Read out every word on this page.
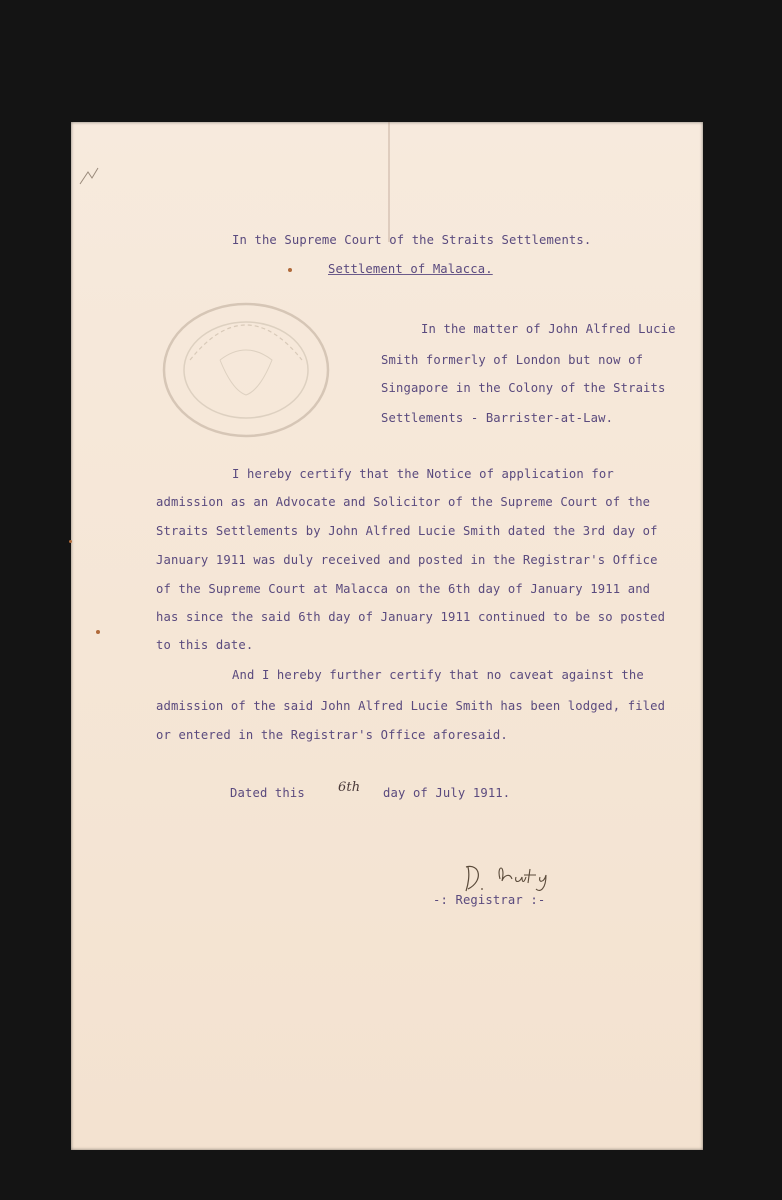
In the Supreme Court of the Straits Settlements.
Settlement of Malacca.
In the matter of John Alfred Lucie
Smith formerly of London but now of
Singapore in the Colony of the Straits
Settlements - Barrister-at-Law.
I hereby certify that the Notice of application for
admission as an Advocate and Solicitor of the Supreme Court of the
Straits Settlements by John Alfred Lucie Smith dated the 3rd day of
January 1911 was duly received and posted in the Registrar's Office
of the Supreme Court at Malacca on the 6th day of January 1911 and
has since the said 6th day of January 1911 continued to be so posted
to this date.
And I hereby further certify that no caveat against the
admission of the said John Alfred Lucie Smith has been lodged, filed
or entered in the Registrar's Office aforesaid.
Dated this	6th day of July 1911.
-: Registrar :-
